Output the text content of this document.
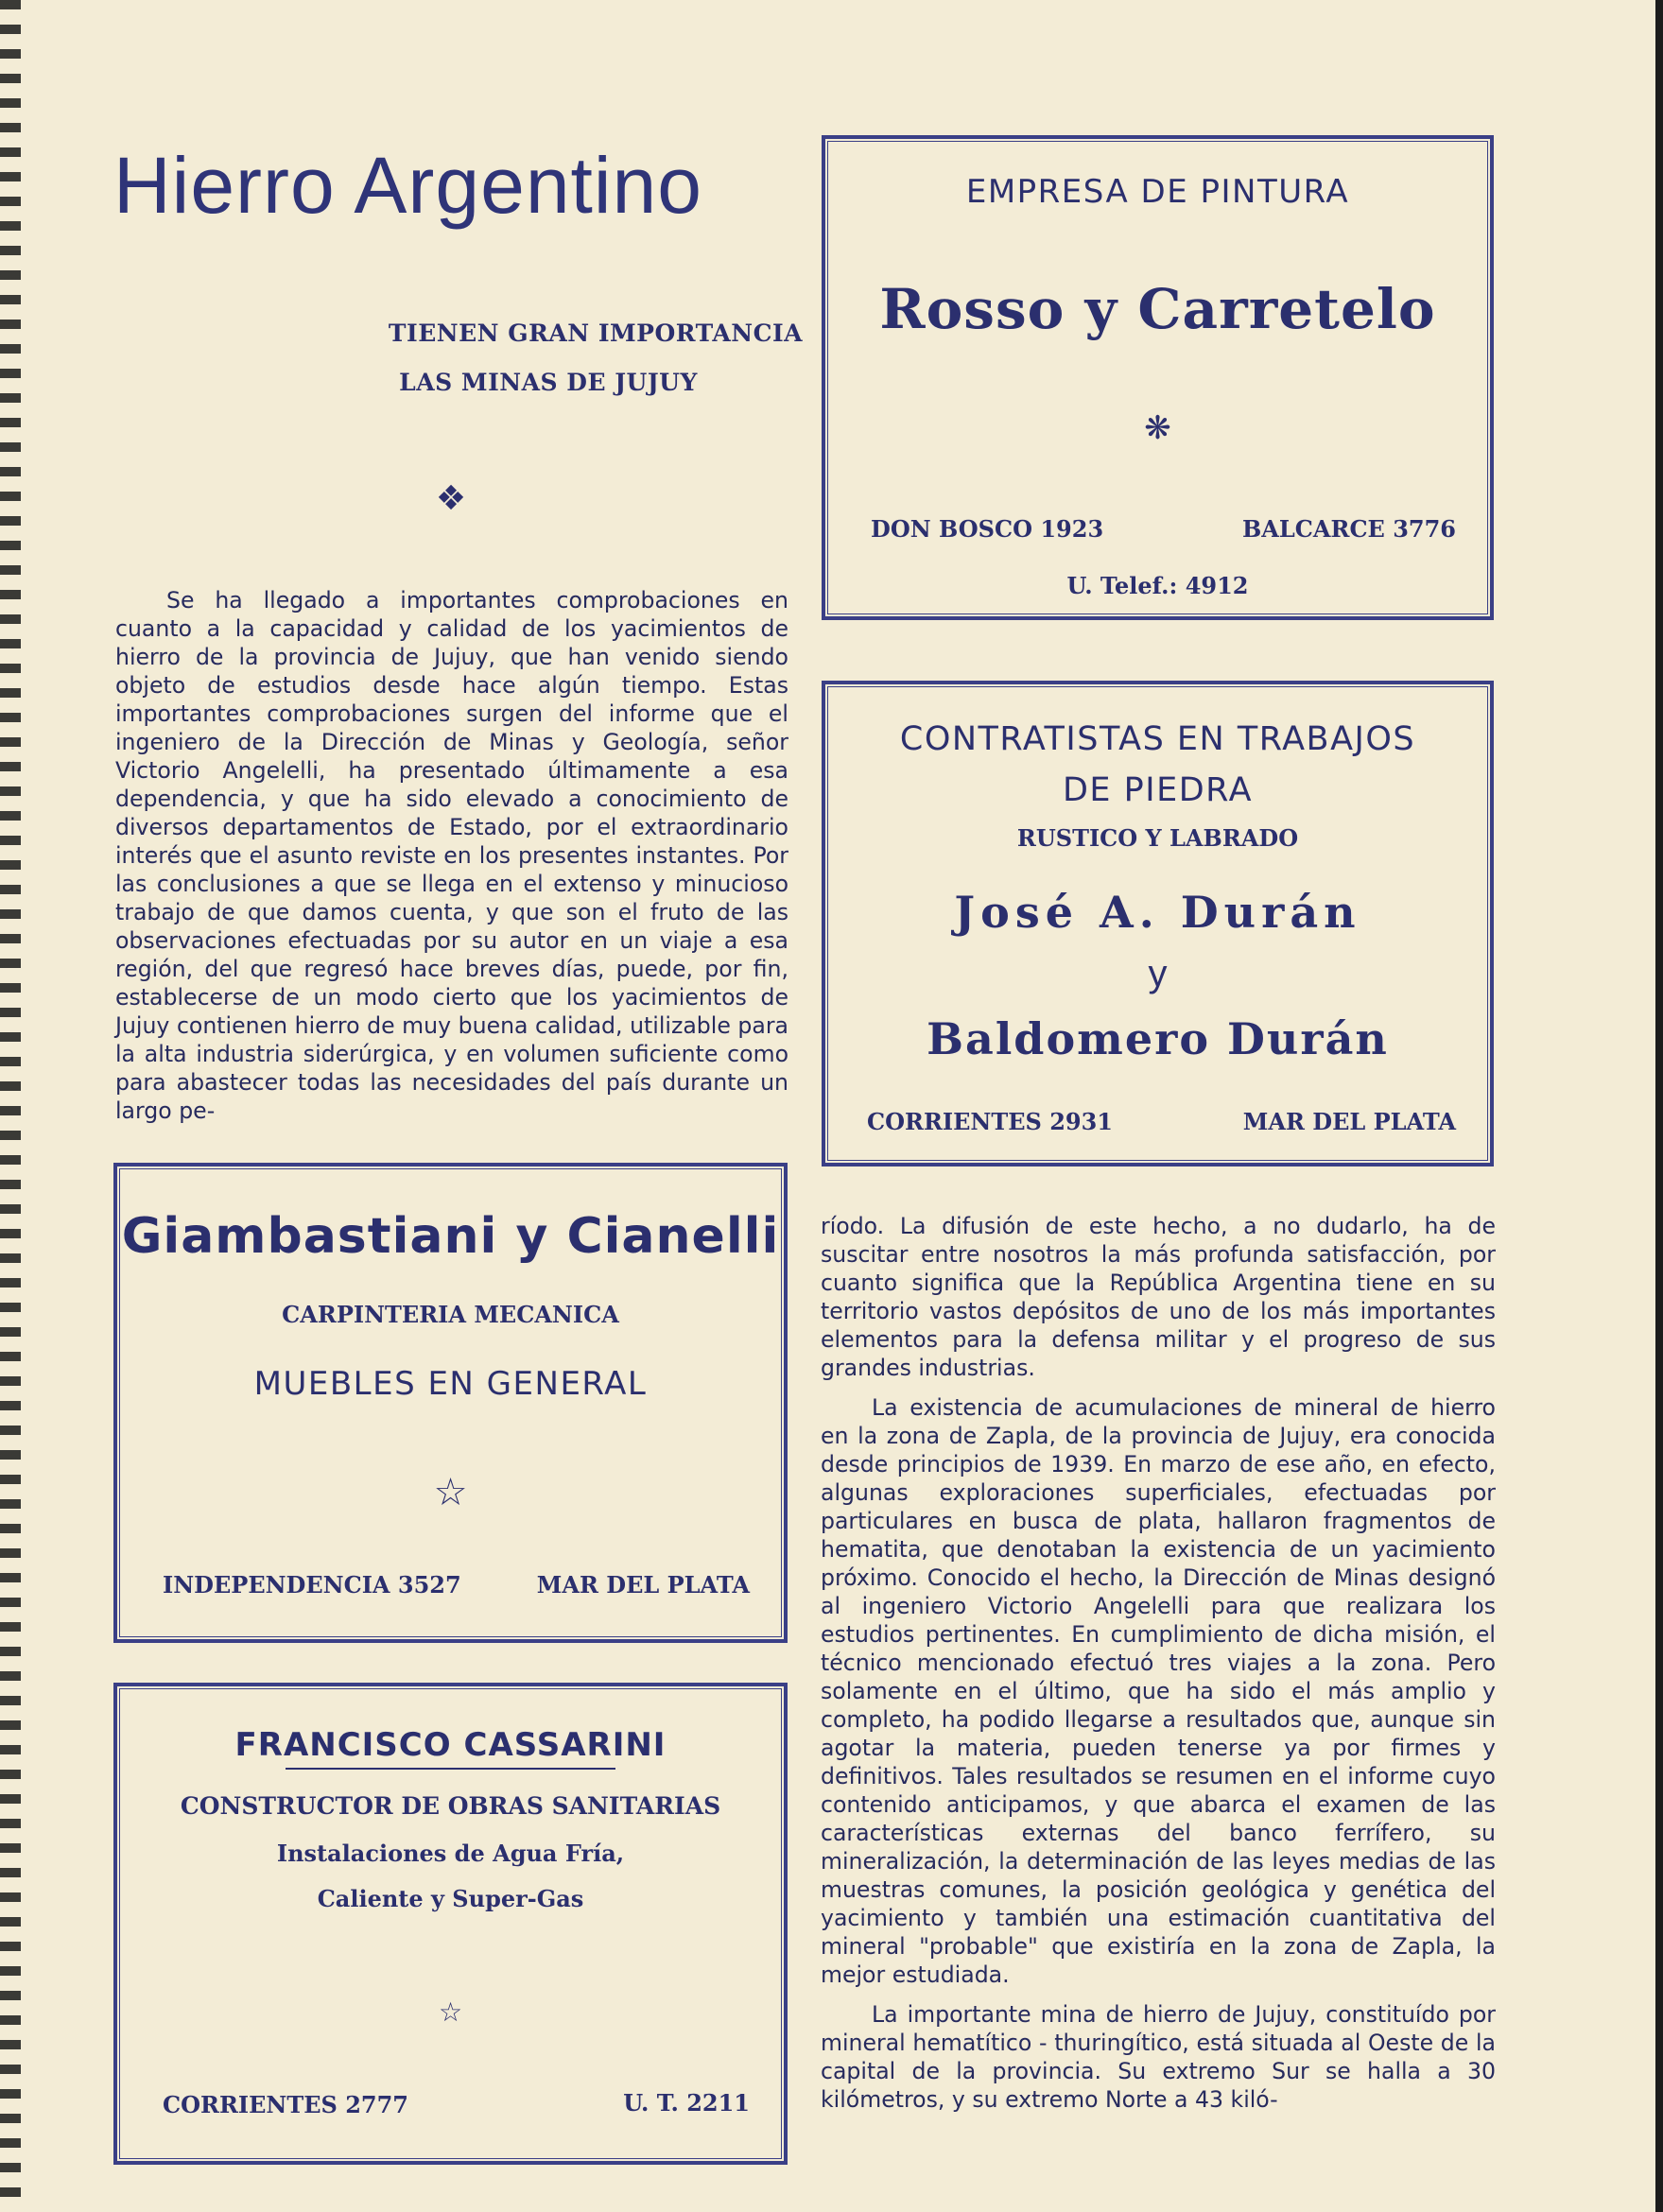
Hierro Argentino

TIENEN GRAN IMPORTANCIA

LAS MINAS DE JUJUY

❖

Se ha llegado a importantes comprobaciones en cuanto a la capacidad y calidad de los yacimientos de hierro de la provincia de Jujuy, que han venido siendo objeto de estudios desde hace algún tiempo. Estas importantes comprobaciones surgen del informe que el ingeniero de la Dirección de Minas y Geología, señor Victorio Angelelli, ha presentado últimamente a esa dependencia, y que ha sido elevado a conocimiento de diversos departamentos de Estado, por el extraordinario interés que el asunto reviste en los presentes instantes. Por las conclusiones a que se llega en el extenso y minucioso trabajo de que damos cuenta, y que son el fruto de las observaciones efectuadas por su autor en un viaje a esa región, del que regresó hace breves días, puede, por fin, establecerse de un modo cierto que los yacimientos de Jujuy contienen hierro de muy buena calidad, utilizable para la alta industria siderúrgica, y en volumen suficiente como para abastecer todas las necesidades del país durante un largo pe-

ríodo. La difusión de este hecho, a no dudarlo, ha de suscitar entre nosotros la más profunda satisfacción, por cuanto significa que la República Argentina tiene en su territorio vastos depósitos de uno de los más importantes elementos para la defensa militar y el progreso de sus grandes industrias.

La existencia de acumulaciones de mineral de hierro en la zona de Zapla, de la provincia de Jujuy, era conocida desde principios de 1939. En marzo de ese año, en efecto, algunas exploraciones superficiales, efectuadas por particulares en busca de plata, hallaron fragmentos de hematita, que denotaban la existencia de un yacimiento próximo. Conocido el hecho, la Dirección de Minas designó al ingeniero Victorio Angelelli para que realizara los estudios pertinentes. En cumplimiento de dicha misión, el técnico mencionado efectuó tres viajes a la zona. Pero solamente en el último, que ha sido el más amplio y completo, ha podido llegarse a resultados que, aunque sin agotar la materia, pueden tenerse ya por firmes y definitivos. Tales resultados se resumen en el informe cuyo contenido anticipamos, y que abarca el examen de las características externas del banco ferrífero, su mineralización, la determinación de las leyes medias de las muestras comunes, la posición geológica y genética del yacimiento y también una estimación cuantitativa del mineral "probable" que existiría en la zona de Zapla, la mejor estudiada.

La importante mina de hierro de Jujuy, constituído por mineral hematítico - thuringítico, está situada al Oeste de la capital de la provincia. Su extremo Sur se halla a 30 kilómetros, y su extremo Norte a 43 kiló-

EMPRESA DE PINTURA

Rosso y Carretelo

❋

DON BOSCO 1923	BALCARCE 3776

U. Telef.: 4912

CONTRATISTAS EN TRABAJOS

DE PIEDRA

RUSTICO Y LABRADO

José A. Durán

y

Baldomero Durán

CORRIENTES 2931	MAR DEL PLATA

Giambastiani y Cianelli

CARPINTERIA MECANICA

MUEBLES EN GENERAL

☆

INDEPENDENCIA 3527	MAR DEL PLATA

FRANCISCO CASSARINI

CONSTRUCTOR DE OBRAS SANITARIAS

Instalaciones de Agua Fría,

Caliente y Super-Gas

☆

CORRIENTES 2777	U. T. 2211
